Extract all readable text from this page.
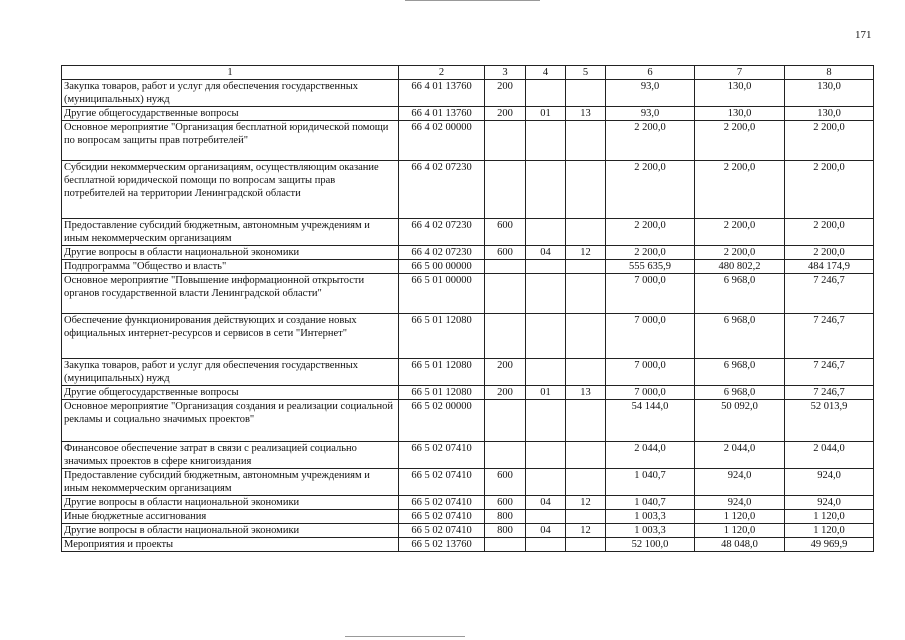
171
1	2	3	4	5	6	7	8
Закупка товаров, работ и услуг для обеспечения государственных (муниципальных) нужд	66 4 01 13760	200			93,0	130,0	130,0
Другие общегосударственные вопросы	66 4 01 13760	200	01	13	93,0	130,0	130,0
Основное мероприятие "Организация бесплатной юридической помощи по вопросам защиты прав потребителей"	66 4 02 00000				2 200,0	2 200,0	2 200,0
Субсидии некоммерческим организациям, осуществляющим оказание бесплатной юридической помощи по вопросам защиты прав потребителей на территории Ленинградской области	66 4 02 07230				2 200,0	2 200,0	2 200,0
Предоставление субсидий бюджетным, автономным учреждениям и иным некоммерческим организациям	66 4 02 07230	600			2 200,0	2 200,0	2 200,0
Другие вопросы в области национальной экономики	66 4 02 07230	600	04	12	2 200,0	2 200,0	2 200,0
Подпрограмма "Общество и власть"	66 5 00 00000				555 635,9	480 802,2	484 174,9
Основное мероприятие "Повышение информационной открытости органов государственной власти Ленинградской области"	66 5 01 00000				7 000,0	6 968,0	7 246,7
Обеспечение функционирования действующих и создание новых официальных интернет-ресурсов и сервисов в сети "Интернет"	66 5 01 12080				7 000,0	6 968,0	7 246,7
Закупка товаров, работ и услуг для обеспечения государственных (муниципальных) нужд	66 5 01 12080	200			7 000,0	6 968,0	7 246,7
Другие общегосударственные вопросы	66 5 01 12080	200	01	13	7 000,0	6 968,0	7 246,7
Основное мероприятие "Организация создания и реализации социальной рекламы и социально значимых проектов"	66 5 02 00000				54 144,0	50 092,0	52 013,9
Финансовое обеспечение затрат в связи с реализацией социально значимых проектов в сфере книгоиздания	66 5 02 07410				2 044,0	2 044,0	2 044,0
Предоставление субсидий бюджетным, автономным учреждениям и иным некоммерческим организациям	66 5 02 07410	600			1 040,7	924,0	924,0
Другие вопросы в области национальной экономики	66 5 02 07410	600	04	12	1 040,7	924,0	924,0
Иные бюджетные ассигнования	66 5 02 07410	800			1 003,3	1 120,0	1 120,0
Другие вопросы в области национальной экономики	66 5 02 07410	800	04	12	1 003,3	1 120,0	1 120,0
Мероприятия и проекты	66 5 02 13760				52 100,0	48 048,0	49 969,9
